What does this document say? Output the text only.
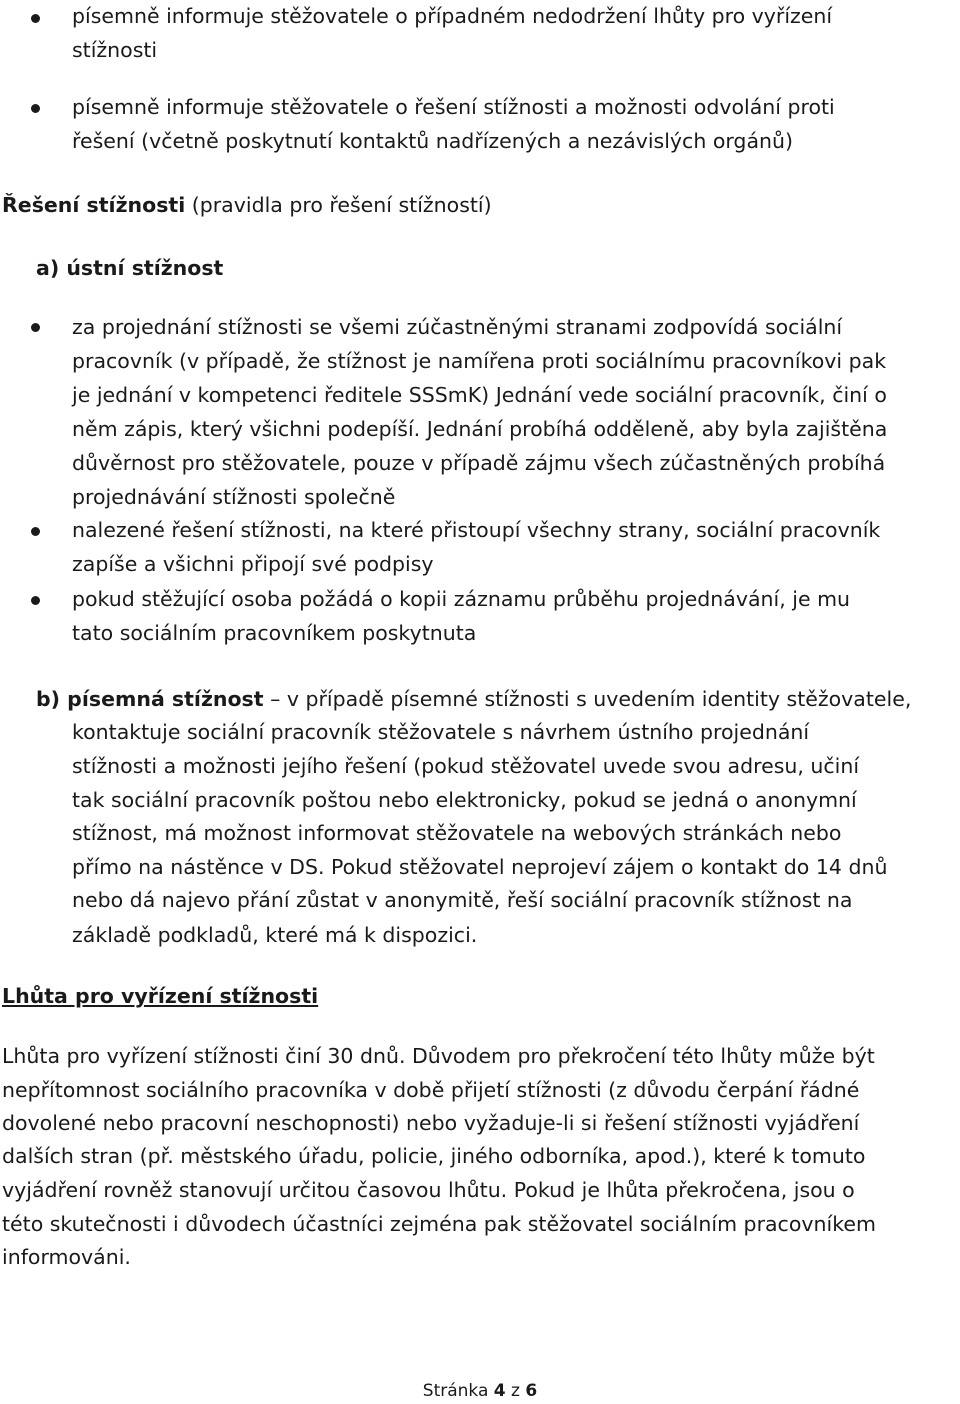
písemně informuje stěžovatele o případném nedodržení lhůty pro vyřízení
stížnosti
písemně informuje stěžovatele o řešení stížnosti a možnosti odvolání proti
řešení (včetně poskytnutí kontaktů nadřízených a nezávislých orgánů)
Řešení stížnosti (pravidla pro řešení stížností)
a) ústní stížnost
za projednání stížnosti se všemi zúčastněnými stranami zodpovídá sociální
pracovník (v případě, že stížnost je namířena proti sociálnímu pracovníkovi pak
je jednání v kompetenci ředitele SSSmK) Jednání vede sociální pracovník, činí o
něm zápis, který všichni podepíší. Jednání probíhá odděleně, aby byla zajištěna
důvěrnost pro stěžovatele, pouze v případě zájmu všech zúčastněných probíhá
projednávání stížnosti společně
nalezené řešení stížnosti, na které přistoupí všechny strany, sociální pracovník
zapíše a všichni připojí své podpisy
pokud stěžující osoba požádá o kopii záznamu průběhu projednávání, je mu
tato sociálním pracovníkem poskytnuta
b) písemná stížnost – v případě písemné stížnosti s uvedením identity stěžovatele,
kontaktuje sociální pracovník stěžovatele s návrhem ústního projednání
stížnosti a možnosti jejího řešení (pokud stěžovatel uvede svou adresu, učiní
tak sociální pracovník poštou nebo elektronicky, pokud se jedná o anonymní
stížnost, má možnost informovat stěžovatele na webových stránkách nebo
přímo na nástěnce v DS. Pokud stěžovatel neprojeví zájem o kontakt do 14 dnů
nebo dá najevo přání zůstat v anonymitě, řeší sociální pracovník stížnost na
základě podkladů, které má k dispozici.
Lhůta pro vyřízení stížnosti
Lhůta pro vyřízení stížnosti činí 30 dnů. Důvodem pro překročení této lhůty může být
nepřítomnost sociálního pracovníka v době přijetí stížnosti (z důvodu čerpání řádné
dovolené nebo pracovní neschopnosti) nebo vyžaduje-li si řešení stížnosti vyjádření
dalších stran (př. městského úřadu, policie, jiného odborníka, apod.), které k tomuto
vyjádření rovněž stanovují určitou časovou lhůtu. Pokud je lhůta překročena, jsou o
této skutečnosti i důvodech účastníci zejména pak stěžovatel sociálním pracovníkem
informováni.
Stránka 4 z 6
